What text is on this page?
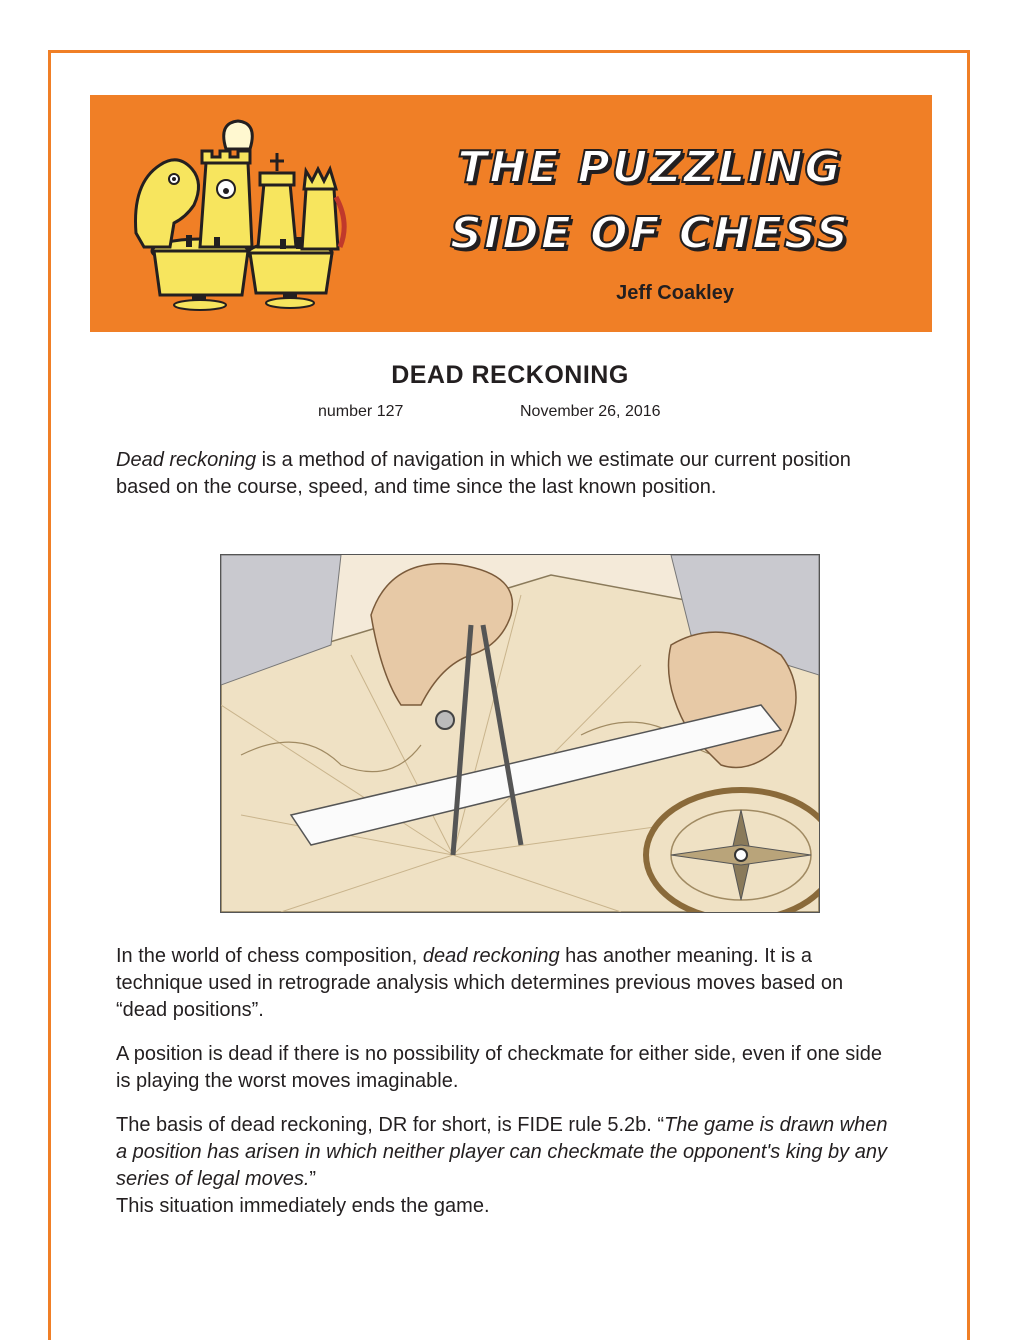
THE PUZZLING
SIDE OF CHESS
Jeff Coakley
DEAD RECKONING
number 127	November 26, 2016

Dead reckoning is a method of navigation in which we estimate our current position based on the course, speed, and time since the last known position.

In the world of chess composition, dead reckoning has another meaning. It is a technique used in retrograde analysis which determines previous moves based on “dead positions”.

A position is dead if there is no possibility of checkmate for either side, even if one side is playing the worst moves imaginable.

The basis of dead reckoning, DR for short, is FIDE rule 5.2b. “The game is drawn when a position has arisen in which neither player can checkmate the opponent's king by any series of legal moves.”
This situation immediately ends the game.
